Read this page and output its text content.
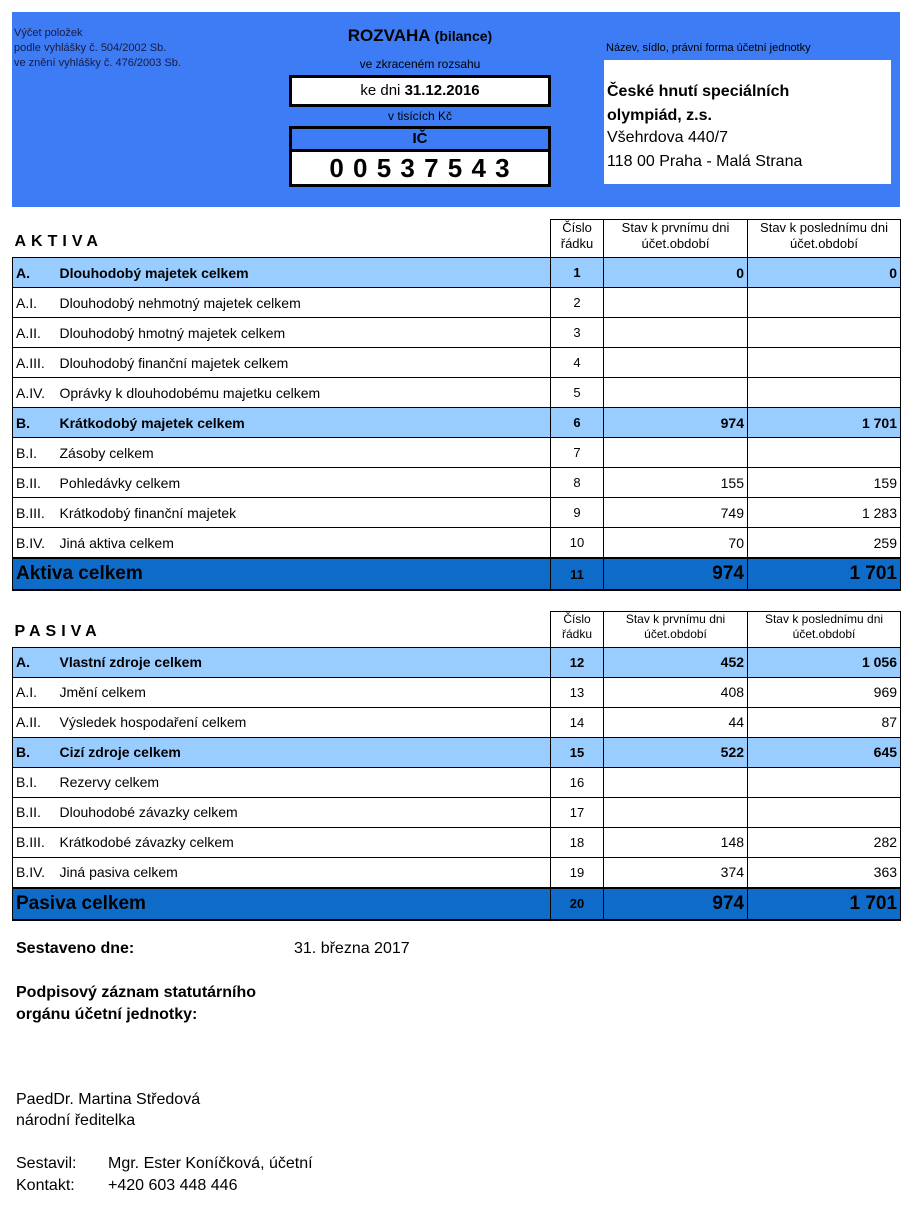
Výčet položek
podle vyhlášky č. 504/2002 Sb.
ve znění vyhlášky č. 476/2003 Sb.
ROZVAHA (bilance)
ve zkraceném rozsahu
ke dni 31.12.2016
v tisících Kč
IČ
0 0 5 3 7 5 4 3
Název, sídlo, právní forma účetní jednotky
České hnutí speciálních
olympiád, z.s.
Všehrdova 440/7
118 00 Praha - Malá Strana
AKTIVA		Číslo řádku	Stav k prvnímu dni účet.období	Stav k poslednímu dni účet.období
A.	Dlouhodobý majetek celkem	1	0	0
A.I.	Dlouhodobý nehmotný majetek celkem	2		
A.II.	Dlouhodobý hmotný majetek celkem	3		
A.III.	Dlouhodobý finanční majetek celkem	4		
A.IV.	Oprávky k dlouhodobému majetku celkem	5		
B.	Krátkodobý majetek celkem	6	974	1 701
B.I.	Zásoby celkem	7		
B.II.	Pohledávky celkem	8	155	159
B.III.	Krátkodobý finanční majetek	9	749	1 283
B.IV.	Jiná aktiva celkem	10	70	259
Aktiva celkem		11	974	1 701
PASIVA		Číslo řádku	Stav k prvnímu dni účet.období	Stav k poslednímu dni účet.období
A.	Vlastní zdroje celkem	12	452	1 056
A.I.	Jmění celkem	13	408	969
A.II.	Výsledek hospodaření celkem	14	44	87
B.	Cizí zdroje celkem	15	522	645
B.I.	Rezervy celkem	16		
B.II.	Dlouhodobé závazky celkem	17		
B.III.	Krátkodobé závazky celkem	18	148	282
B.IV.	Jiná pasiva celkem	19	374	363
Pasiva celkem		20	974	1 701
Sestaveno dne:	31. března 2017
Podpisový záznam statutárního
orgánu účetní jednotky:
PaedDr. Martina Středová
národní ředitelka
Sestavil: Mgr. Ester Koníčková, účetní
Kontakt: +420 603 448 446
